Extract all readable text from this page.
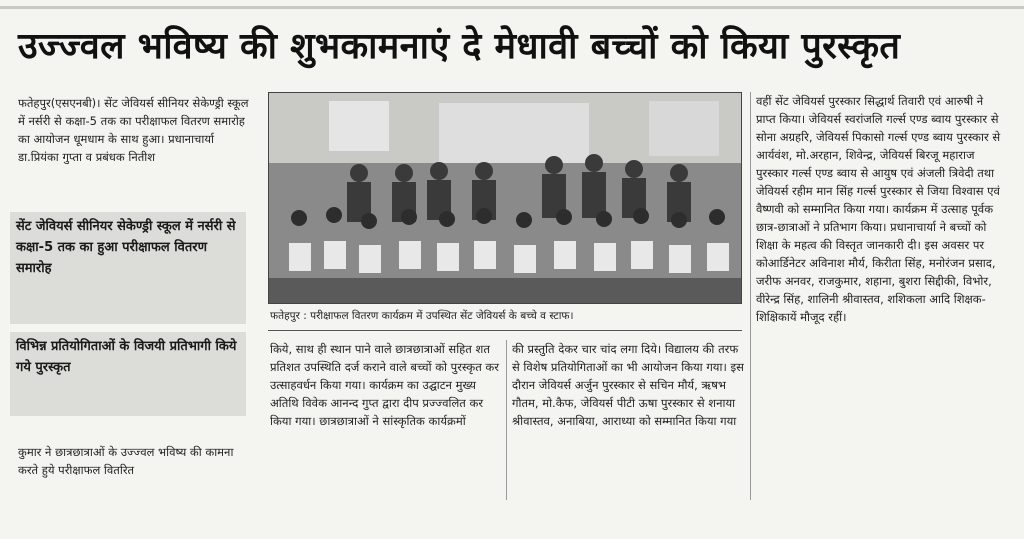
उज्ज्वल भविष्य की शुभकामनाएं दे मेधावी बच्चों को किया पुरस्कृत

फतेहपुर(एसएनबी)। सेंट जेवियर्स सीनियर सेकेण्ड्री स्कूल में नर्सरी से कक्षा-5 तक का परीक्षाफल वितरण समारोह का आयोजन धूमधाम के साथ हुआ। प्रधानाचार्या डा.प्रियंका गुप्ता व प्रबंधक नितीश

सेंट जेवियर्स सीनियर सेकेण्ड्री स्कूल में नर्सरी से कक्षा-5 तक का हुआ परीक्षाफल वितरण समारोह
विभिन्न प्रतियोगिताओं के विजयी प्रतिभागी किये गये पुरस्कृत

कुमार ने छात्रछात्राओं के उज्ज्वल भविष्य की कामना करते हुये परीक्षाफल वितरित

फतेहपुर : परीक्षाफल वितरण कार्यक्रम में उपस्थित सेंट जेवियर्स के बच्चे व स्टाफ।

किये, साथ ही स्थान पाने वाले छात्रछात्राओं सहित शत प्रतिशत उपस्थिति दर्ज कराने वाले बच्चों को पुरस्कृत कर उत्साहवर्धन किया गया। कार्यक्रम का उद्घाटन मुख्य अतिथि विवेक आनन्द गुप्त द्वारा दीप प्रज्ज्वलित कर किया गया। छात्रछात्राओं ने सांस्कृतिक कार्यक्रमों

की प्रस्तुति देकर चार चांद लगा दिये। विद्यालय की तरफ से विशेष प्रतियोगिताओं का भी आयोजन किया गया। इस दौरान जेवियर्स अर्जुन पुरस्कार से सचिन मौर्य, ऋषभ गौतम, मो.कैफ, जेवियर्स पीटी ऊषा पुरस्कार से शनाया श्रीवास्तव, अनाबिया, आराध्या को सम्मानित किया गया

वहीं सेंट जेवियर्स पुरस्कार सिद्धार्थ तिवारी एवं आरुषी ने प्राप्त किया। जेवियर्स स्वरांजलि गर्ल्स एण्ड ब्वाय पुरस्कार से सोना अग्रहरि, जेवियर्स पिकासो गर्ल्स एण्ड ब्वाय पुरस्कार से आर्यवंश, मो.अरहान, शिवेन्द्र, जेवियर्स बिरजू महाराज पुरस्कार गर्ल्स एण्ड ब्वाय से आयुष एवं अंजली त्रिवेदी तथा जेवियर्स रहीम मान सिंह गर्ल्स पुरस्कार से जिया विश्वास एवं वैष्णवी को सम्मानित किया गया। कार्यक्रम में उत्साह पूर्वक छात्र-छात्राओं ने प्रतिभाग किया। प्रधानाचार्या ने बच्चों को शिक्षा के महत्व की विस्तृत जानकारी दी। इस अवसर पर कोआर्डिनेटर अविनाश मौर्य, किरीता सिंह, मनोरंजन प्रसाद, जरीफ अनवर, राजकुमार, शहाना, बुशरा सिद्दीकी, विभोर, वीरेन्द्र सिंह, शालिनी श्रीवास्तव, शशिकला आदि शिक्षक-शिक्षिकायें मौजूद रहीं।
